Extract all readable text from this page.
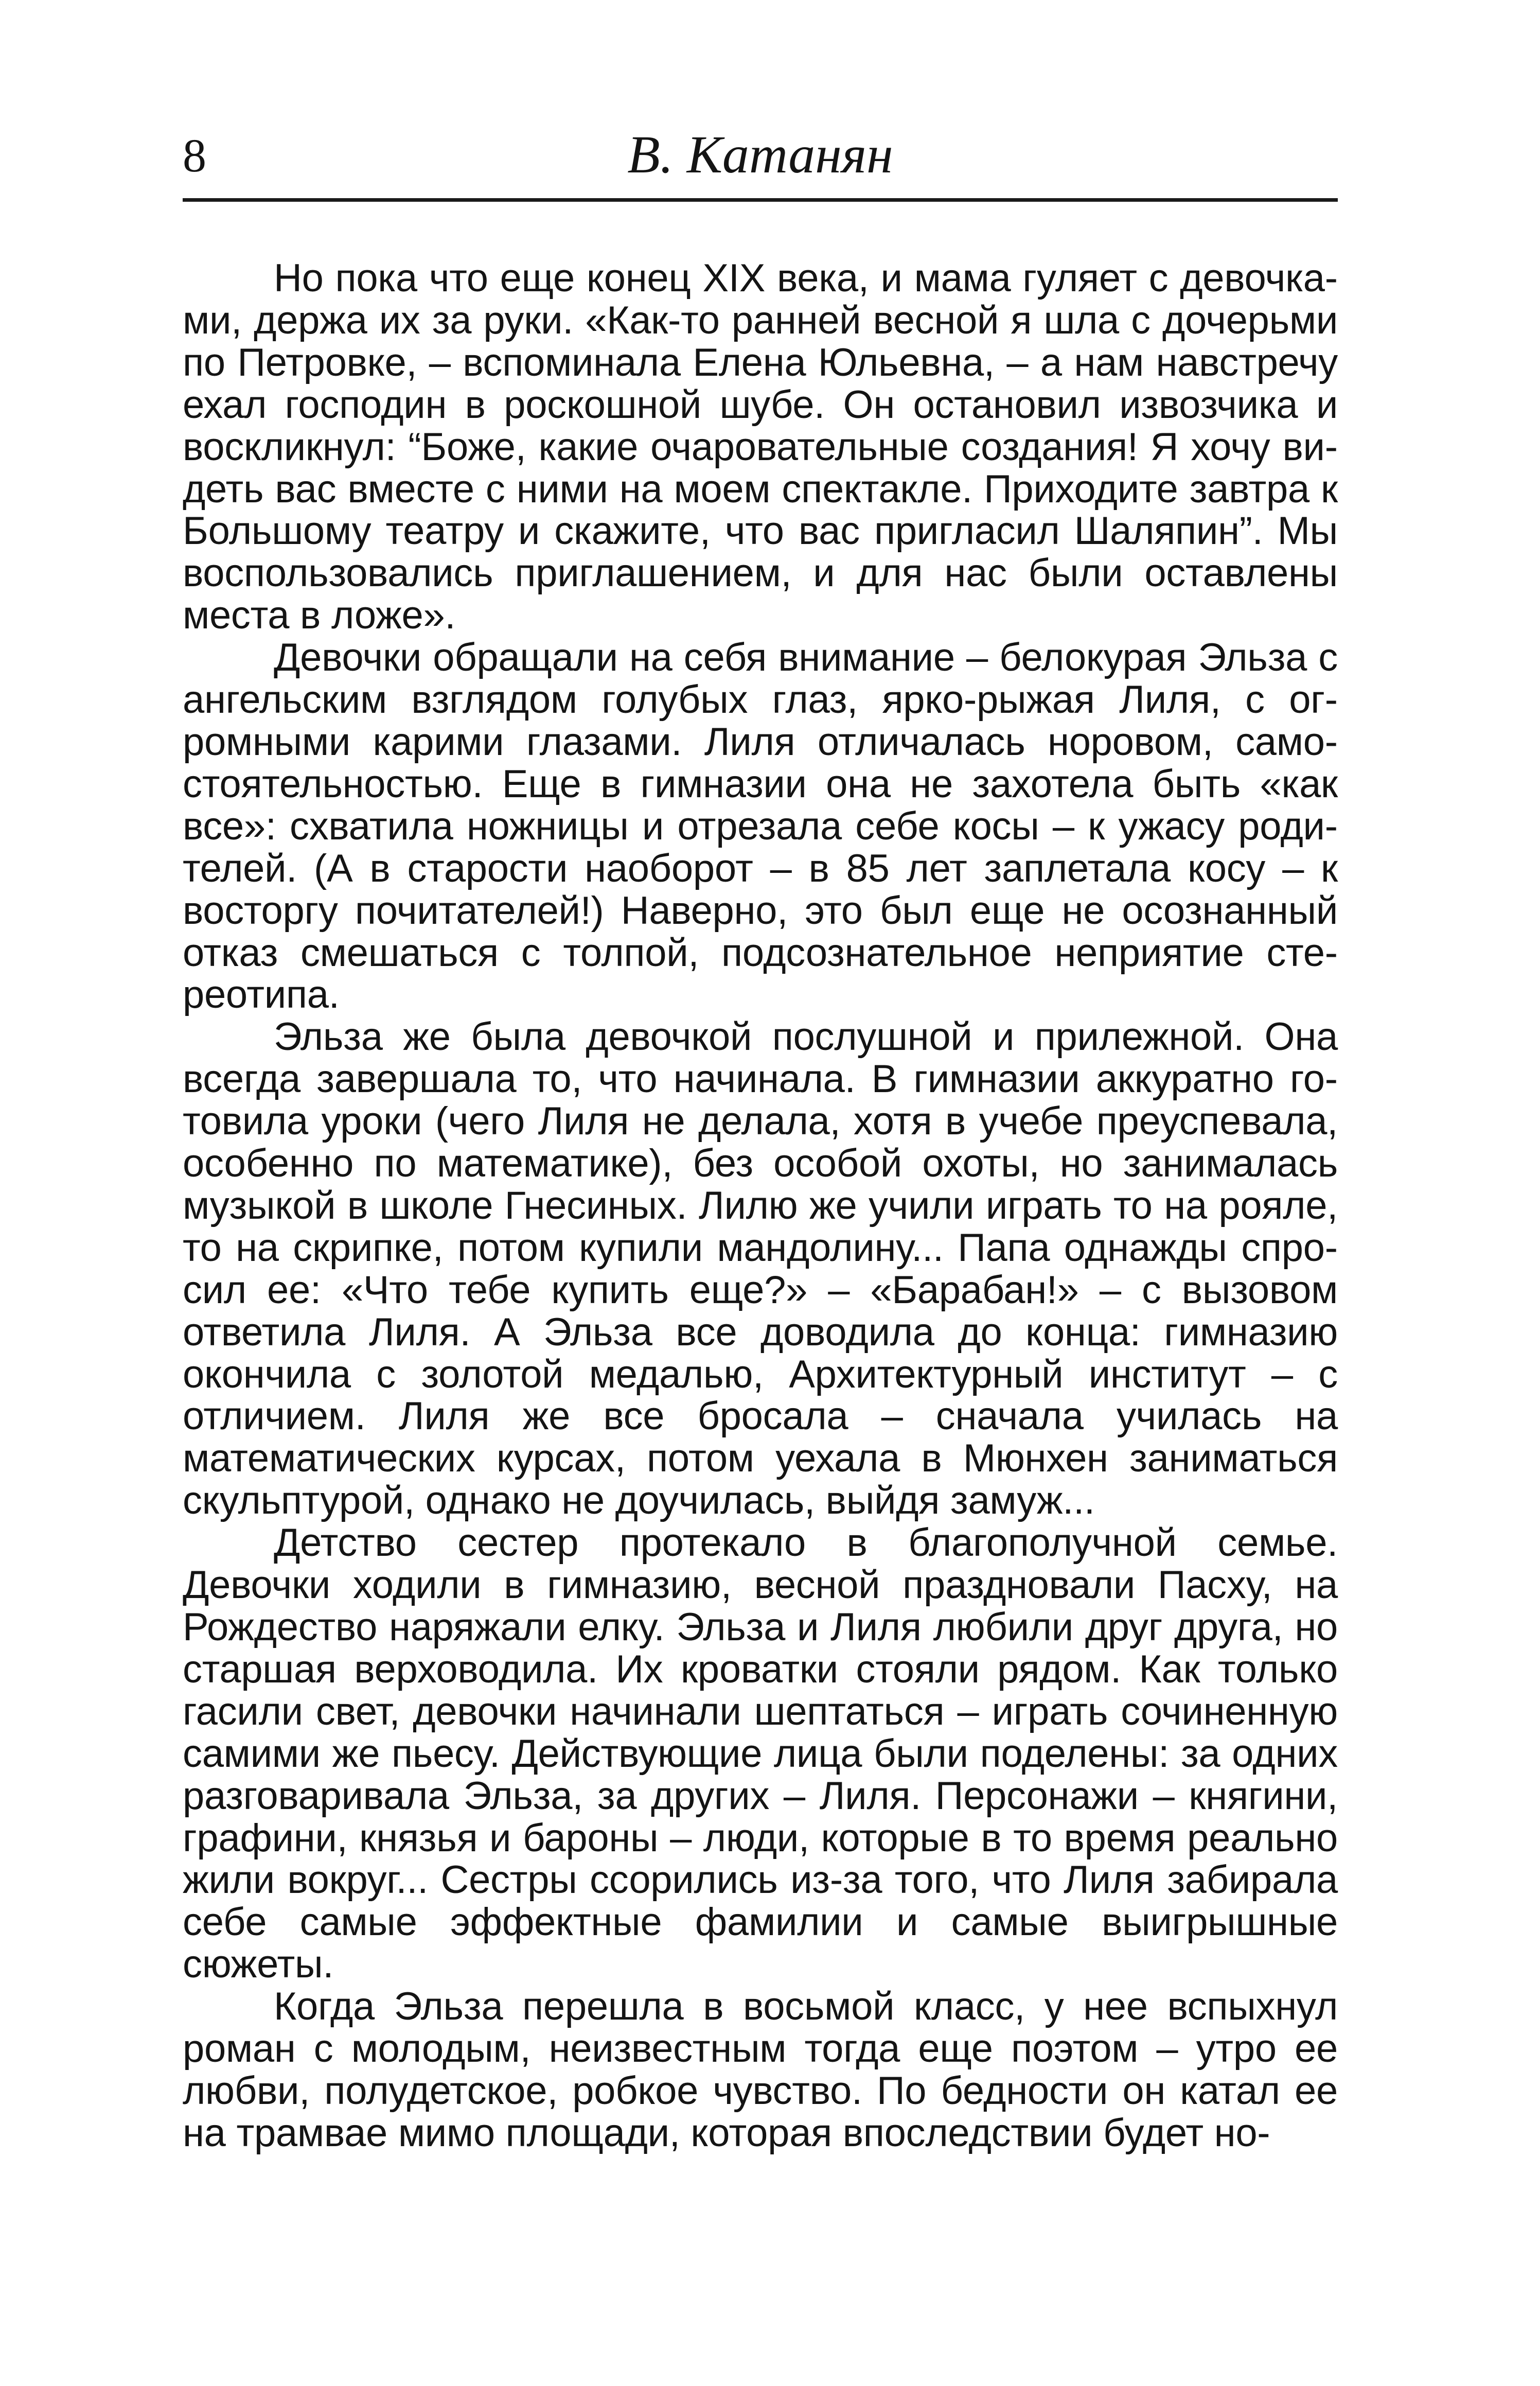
8	В. Катанян

Но пока что еще конец XIX века, и мама гуляет с девочками, держа их за руки. «Как-то ранней весной я шла с дочерьми по Петровке, – вспоминала Елена Юльевна, – а нам навстречу ехал господин в роскошной шубе. Он остановил извозчика и воскликнул: “Боже, какие очаровательные создания! Я хочу видеть вас вместе с ними на моем спектакле. Приходите завтра к Большому театру и скажите, что вас пригласил Шаляпин”. Мы воспользовались приглашением, и для нас были оставлены места в ложе».

Девочки обращали на себя внимание – белокурая Эльза с ангельским взглядом голубых глаз, ярко-рыжая Лиля, с огромными карими глазами. Лиля отличалась норовом, самостоятельностью. Еще в гимназии она не захотела быть «как все»: схватила ножницы и отрезала себе косы – к ужасу родителей. (А в старости наоборот – в 85 лет заплетала косу – к восторгу почитателей!) Наверно, это был еще не осознанный отказ смешаться с толпой, подсознательное неприятие стереотипа.

Эльза же была девочкой послушной и прилежной. Она всегда завершала то, что начинала. В гимназии аккуратно готовила уроки (чего Лиля не делала, хотя в учебе преуспевала, особенно по математике), без особой охоты, но занималась музыкой в школе Гнесиных. Лилю же учили играть то на рояле, то на скрипке, потом купили мандолину... Папа однажды спросил ее: «Что тебе купить еще?» – «Барабан!» – с вызовом ответила Лиля. А Эльза все доводила до конца: гимназию окончила с золотой медалью, Архитектурный институт – с отличием. Лиля же все бросала – сначала училась на математических курсах, потом уехала в Мюнхен заниматься скульптурой, однако не доучилась, выйдя замуж...

Детство сестер протекало в благополучной семье. Девочки ходили в гимназию, весной праздновали Пасху, на Рождество наряжали елку. Эльза и Лиля любили друг друга, но старшая верховодила. Их кроватки стояли рядом. Как только гасили свет, девочки начинали шептаться – играть сочиненную самими же пьесу. Действующие лица были поделены: за одних разговаривала Эльза, за других – Лиля. Персонажи – княгини, графини, князья и бароны – люди, которые в то время реально жили вокруг... Сестры ссорились из-за того, что Лиля забирала себе самые эффектные фамилии и самые выигрышные сюжеты.

Когда Эльза перешла в восьмой класс, у нее вспыхнул роман с молодым, неизвестным тогда еще поэтом – утро ее любви, полудетское, робкое чувство. По бедности он катал ее на трамвае мимо площади, которая впоследствии будет но-
